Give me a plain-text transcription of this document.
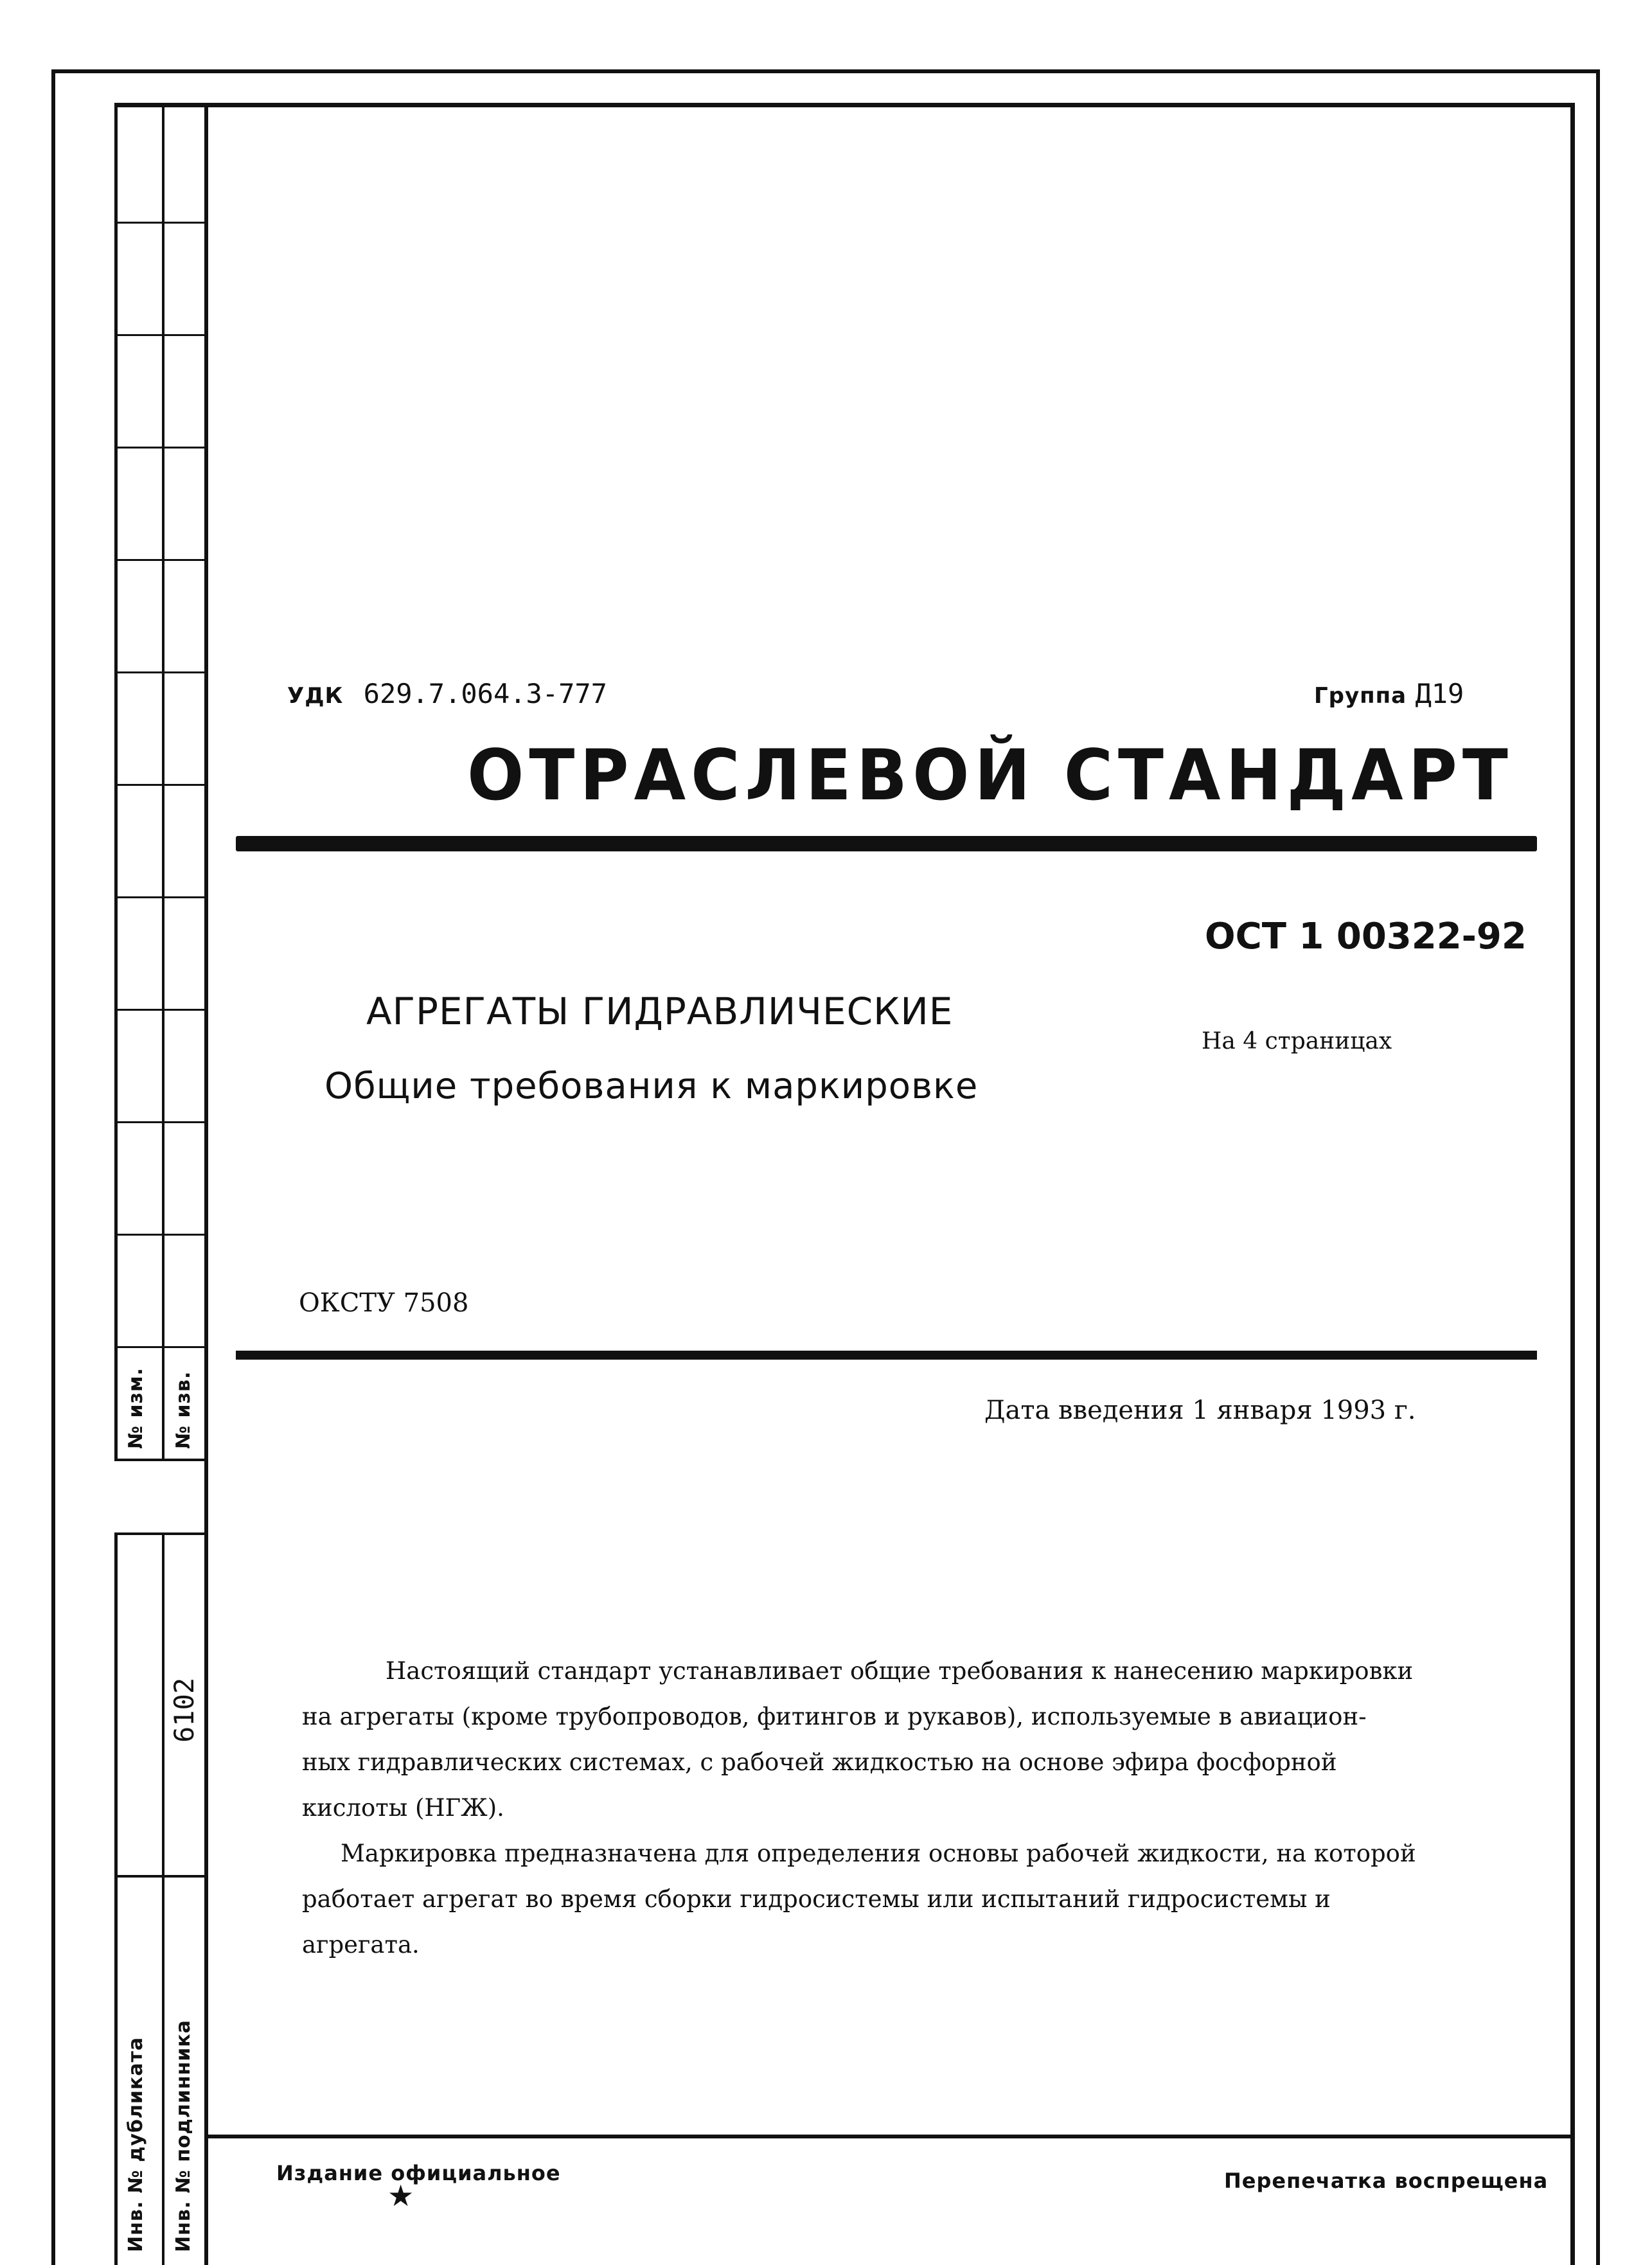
№ изм. № изв.
6102
Инв. № дубликата Инв. № подлинника
УДК 629.7.064.3-777	Группа Д19
ОТРАСЛЕВОЙ СТАНДАРТ
ОСТ 1 00322-92
АГРЕГАТЫ ГИДРАВЛИЧЕСКИЕ
На 4 страницах
Общие требования к маркировке
ОКСТУ 7508
Дата введения 1 января 1993 г.

Настоящий стандарт устанавливает общие требования к нанесению маркировки

на агрегаты (кроме трубопроводов, фитингов и рукавов), используемые в авиацион-

ных гидравлических системах, с рабочей жидкостью на основе эфира фосфорной

кислоты (НГЖ).

Маркировка предназначена для определения основы рабочей жидкости, на которой

работает агрегат во время сборки гидросистемы или испытаний гидросистемы и

агрегата.

Издание официальное
★	Перепечатка воспрещена
